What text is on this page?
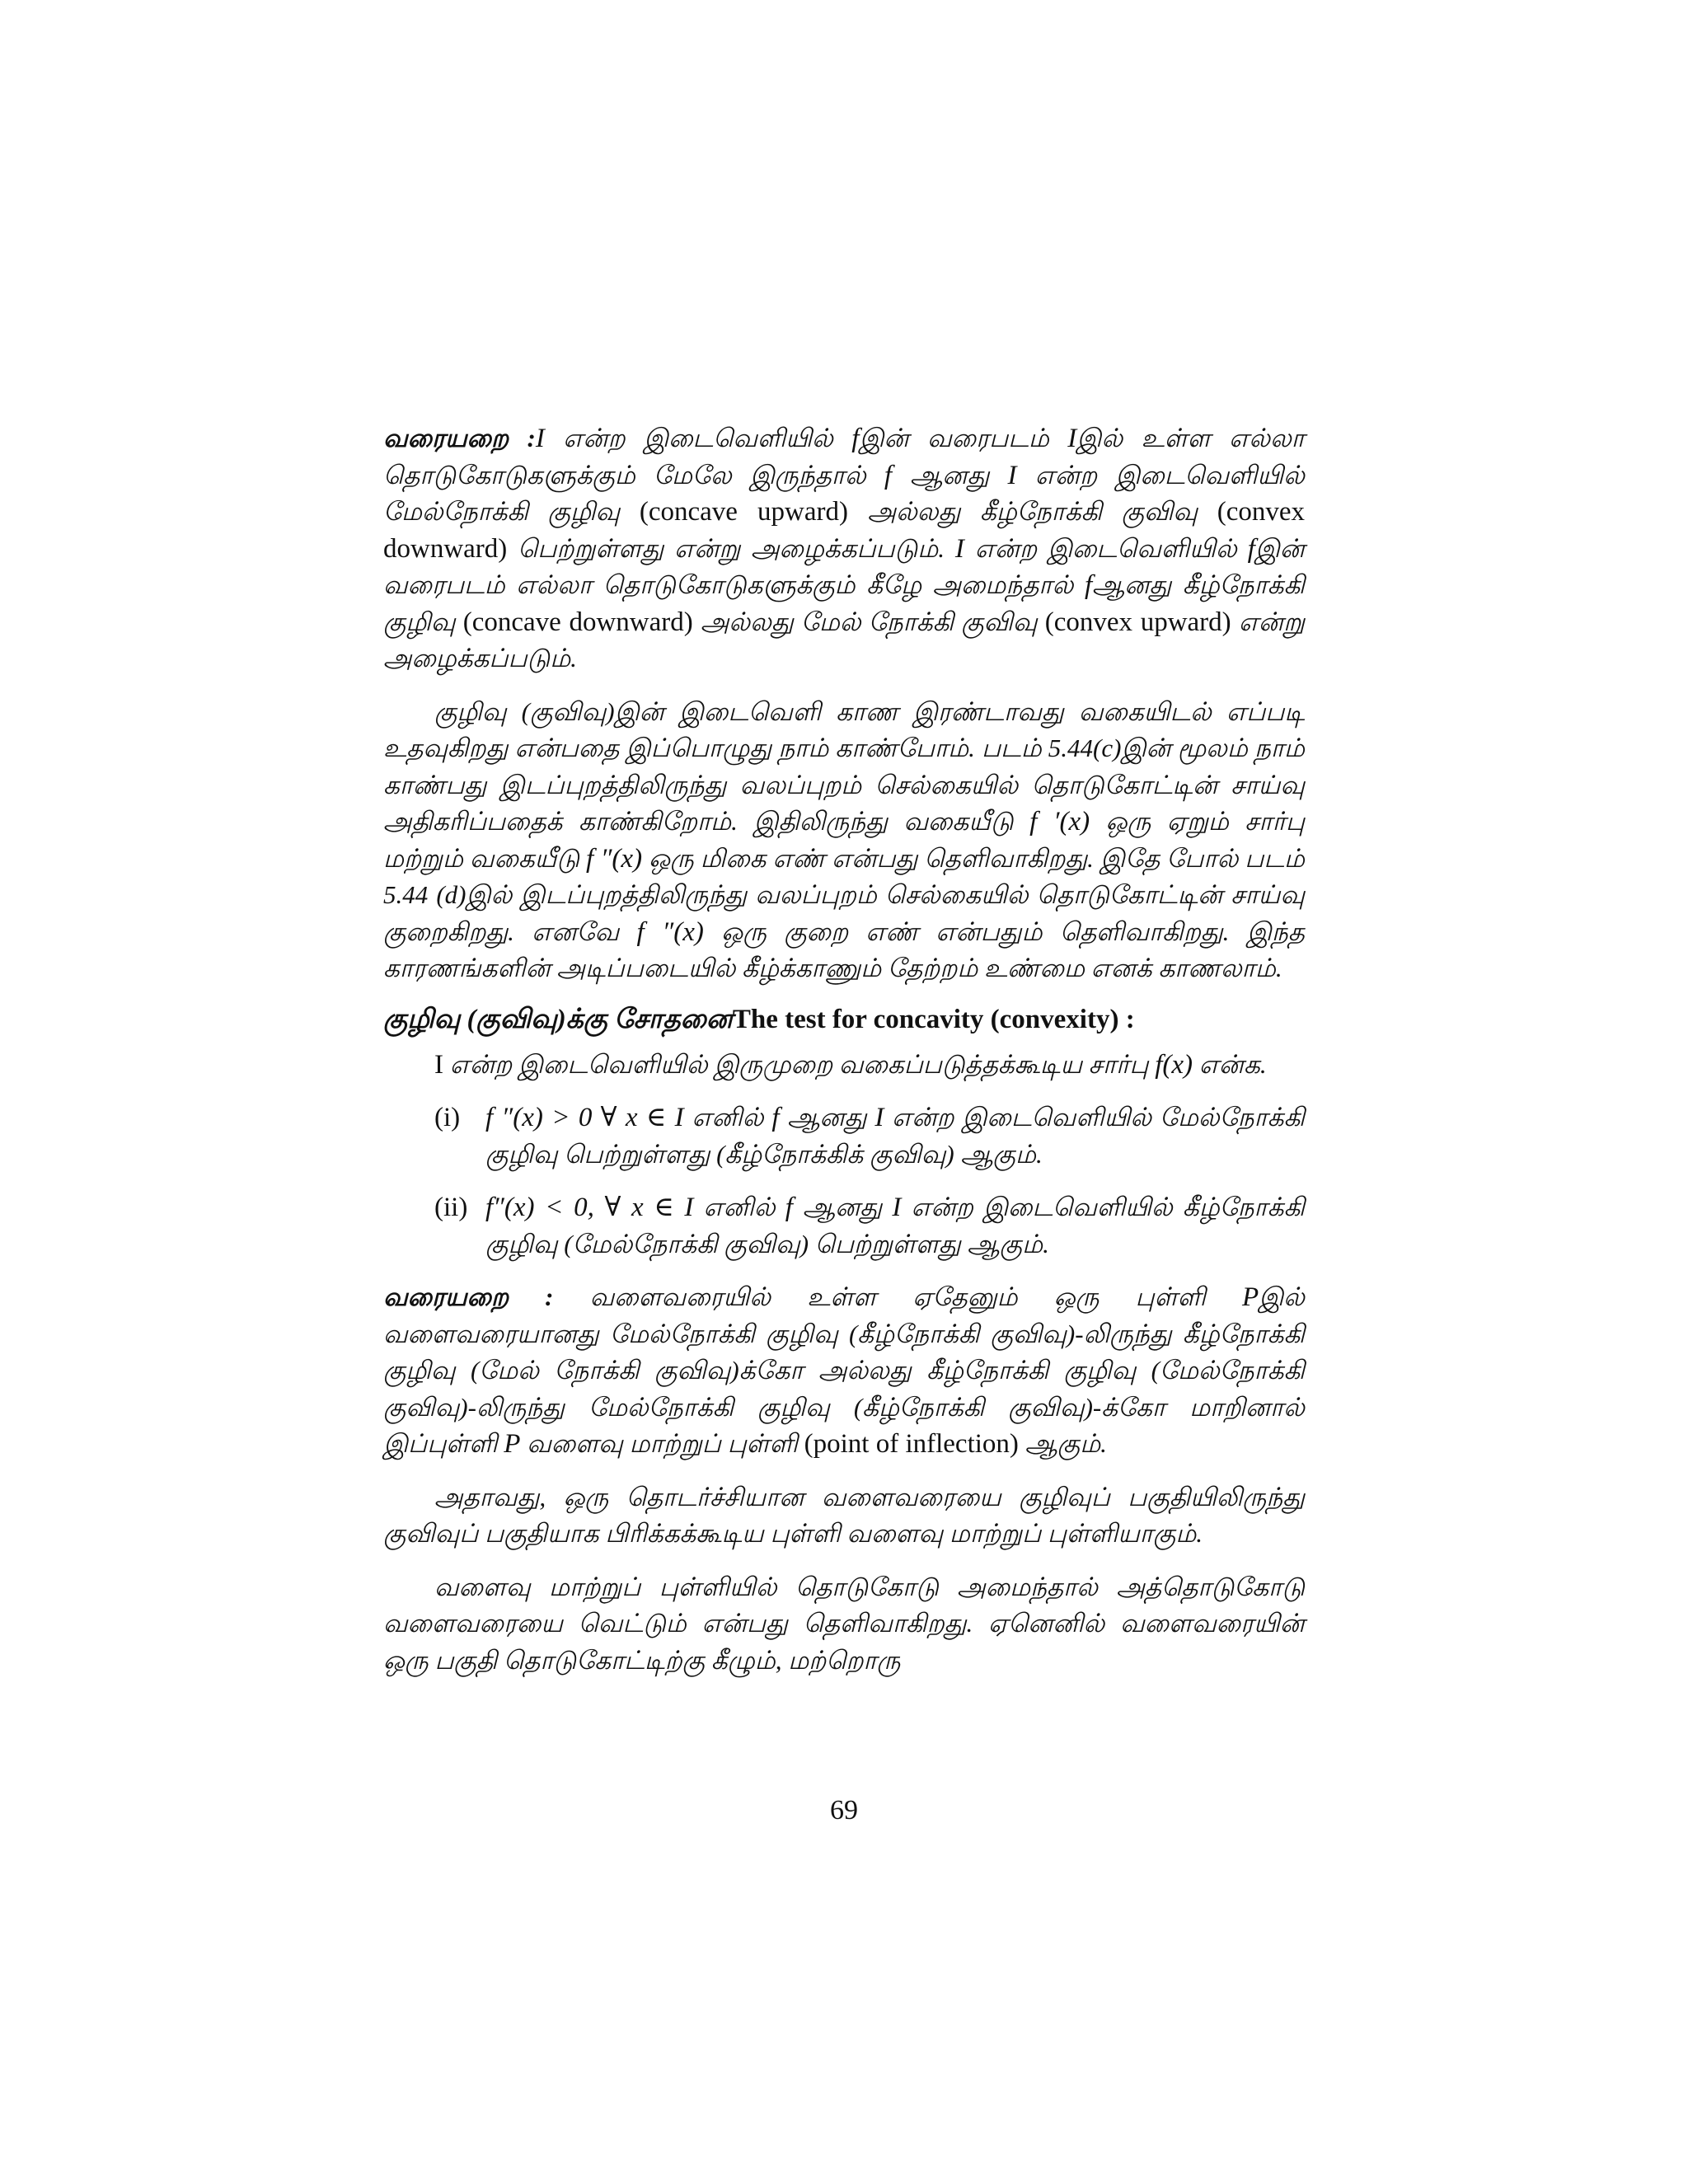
வரையறை :I என்ற இடைவெளியில் fஇன் வரைபடம் Iஇல் உள்ள எல்லா தொடுகோடுகளுக்கும் மேலே இருந்தால் f ஆனது I என்ற இடைவெளியில் மேல்நோக்கி குழிவு (concave upward) அல்லது கீழ்நோக்கி குவிவு (convex downward) பெற்றுள்ளது என்று அழைக்கப்படும். I என்ற இடைவெளியில் fஇன் வரைபடம் எல்லா தொடுகோடுகளுக்கும் கீழே அமைந்தால் fஆனது கீழ்நோக்கி குழிவு (concave downward) அல்லது மேல் நோக்கி குவிவு (convex upward) என்று அழைக்கப்படும்.

குழிவு (குவிவு)இன் இடைவெளி காண இரண்டாவது வகையிடல் எப்படி உதவுகிறது என்பதை இப்பொழுது நாம் காண்போம். படம் 5.44(c)இன் மூலம் நாம் காண்பது இடப்புறத்திலிருந்து வலப்புறம் செல்கையில் தொடுகோட்டின் சாய்வு அதிகரிப்பதைக் காண்கிறோம். இதிலிருந்து வகையீடு f ′(x) ஒரு ஏறும் சார்பு மற்றும் வகையீடு f ″(x) ஒரு மிகை எண் என்பது தெளிவாகிறது. இதே போல் படம் 5.44 (d)இல் இடப்புறத்திலிருந்து வலப்புறம் செல்கையில் தொடுகோட்டின் சாய்வு குறைகிறது. எனவே f ″(x) ஒரு குறை எண் என்பதும் தெளிவாகிறது. இந்த காரணங்களின் அடிப்படையில் கீழ்க்காணும் தேற்றம் உண்மை எனக் காணலாம்.

குழிவு (குவிவு)க்கு சோதனைThe test for concavity (convexity) :

I என்ற இடைவெளியில் இருமுறை வகைப்படுத்தக்கூடிய சார்பு f(x) என்க.

(i) f ″(x) > 0 ∀ x ∈ I எனில் f ஆனது I என்ற இடைவெளியில் மேல்நோக்கி குழிவு பெற்றுள்ளது (கீழ்நோக்கிக் குவிவு) ஆகும்.

(ii) f″(x) < 0, ∀ x ∈ I எனில் f ஆனது I என்ற இடைவெளியில் கீழ்நோக்கி குழிவு (மேல்நோக்கி குவிவு) பெற்றுள்ளது ஆகும்.

வரையறை : வளைவரையில் உள்ள ஏதேனும் ஒரு புள்ளி Pஇல் வளைவரையானது மேல்நோக்கி குழிவு (கீழ்நோக்கி குவிவு)-லிருந்து கீழ்நோக்கி குழிவு (மேல் நோக்கி குவிவு)க்கோ அல்லது கீழ்நோக்கி குழிவு (மேல்நோக்கி குவிவு)-லிருந்து மேல்நோக்கி குழிவு (கீழ்நோக்கி குவிவு)-க்கோ மாறினால் இப்புள்ளி P வளைவு மாற்றுப் புள்ளி (point of inflection) ஆகும்.

அதாவது, ஒரு தொடர்ச்சியான வளைவரையை குழிவுப் பகுதியிலிருந்து குவிவுப் பகுதியாக பிரிக்கக்கூடிய புள்ளி வளைவு மாற்றுப் புள்ளியாகும்.

வளைவு மாற்றுப் புள்ளியில் தொடுகோடு அமைந்தால் அத்தொடுகோடு வளைவரையை வெட்டும் என்பது தெளிவாகிறது. ஏனெனில் வளைவரையின் ஒரு பகுதி தொடுகோட்டிற்கு கீழும், மற்றொரு

69
